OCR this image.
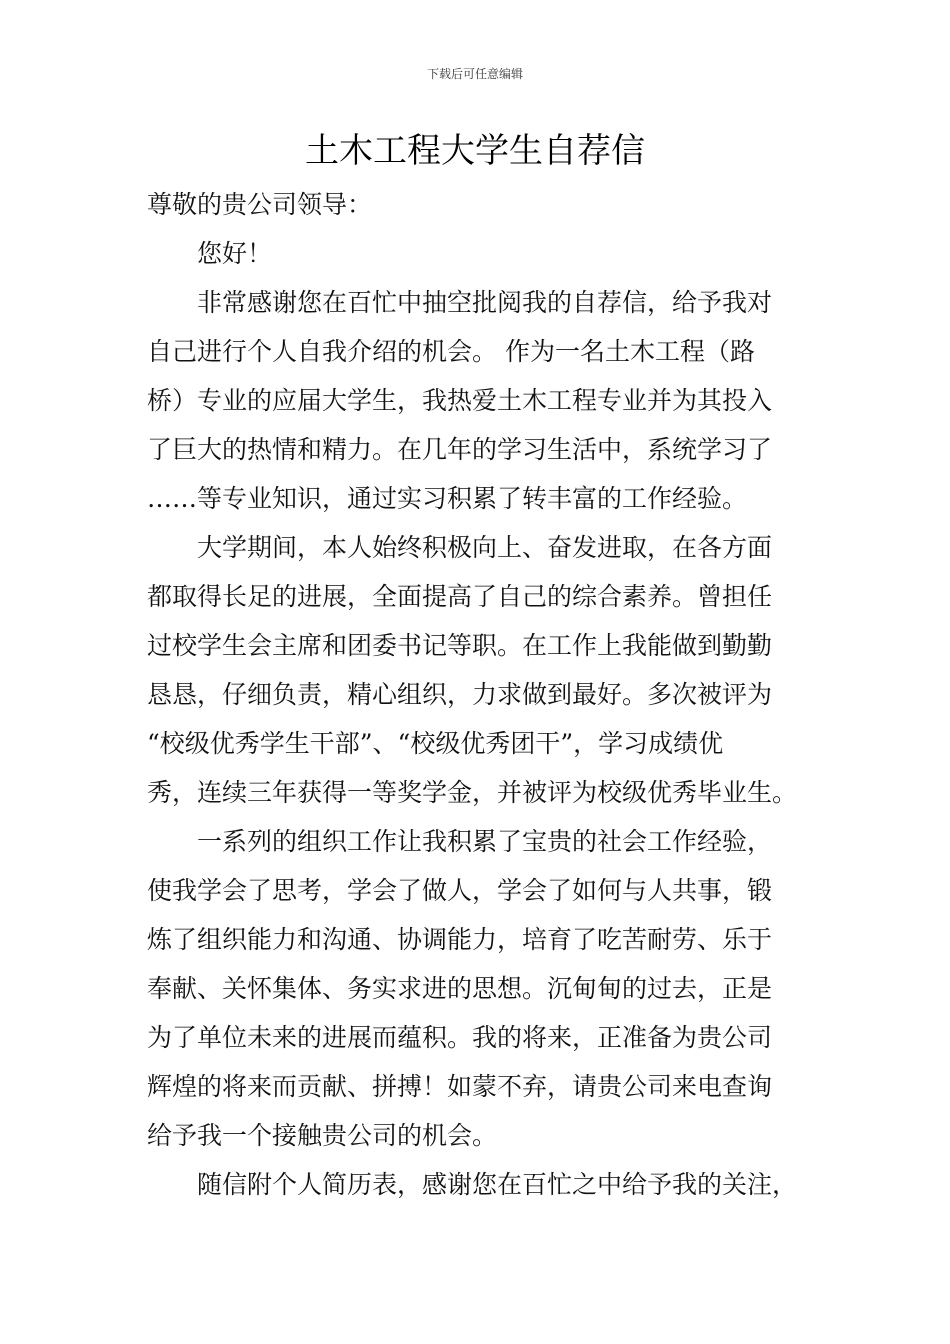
下载后可任意编辑
土木工程大学生自荐信
尊敬的贵公司领导：
您好！
非常感谢您在百忙中抽空批阅我的自荐信，给予我对
自己进行个人自我介绍的机会。 作为一名土木工程（路
桥）专业的应届大学生，我热爱土木工程专业并为其投入
了巨大的热情和精力。在几年的学习生活中，系统学习了
……等专业知识，通过实习积累了转丰富的工作经验。
大学期间，本人始终积极向上、奋发进取，在各方面
都取得长足的进展，全面提高了自己的综合素养。曾担任
过校学生会主席和团委书记等职。在工作上我能做到勤勤
恳恳，仔细负责，精心组织，力求做到最好。多次被评为
“校级优秀学生干部”、“校级优秀团干”，学习成绩优
秀，连续三年获得一等奖学金，并被评为校级优秀毕业生。
一系列的组织工作让我积累了宝贵的社会工作经验，
使我学会了思考，学会了做人，学会了如何与人共事，锻
炼了组织能力和沟通、协调能力，培育了吃苦耐劳、乐于
奉献、关怀集体、务实求进的思想。沉甸甸的过去，正是
为了单位未来的进展而蕴积。我的将来，正准备为贵公司
辉煌的将来而贡献、拼搏！如蒙不弃，请贵公司来电查询
给予我一个接触贵公司的机会。
随信附个人简历表，感谢您在百忙之中给予我的关注，
